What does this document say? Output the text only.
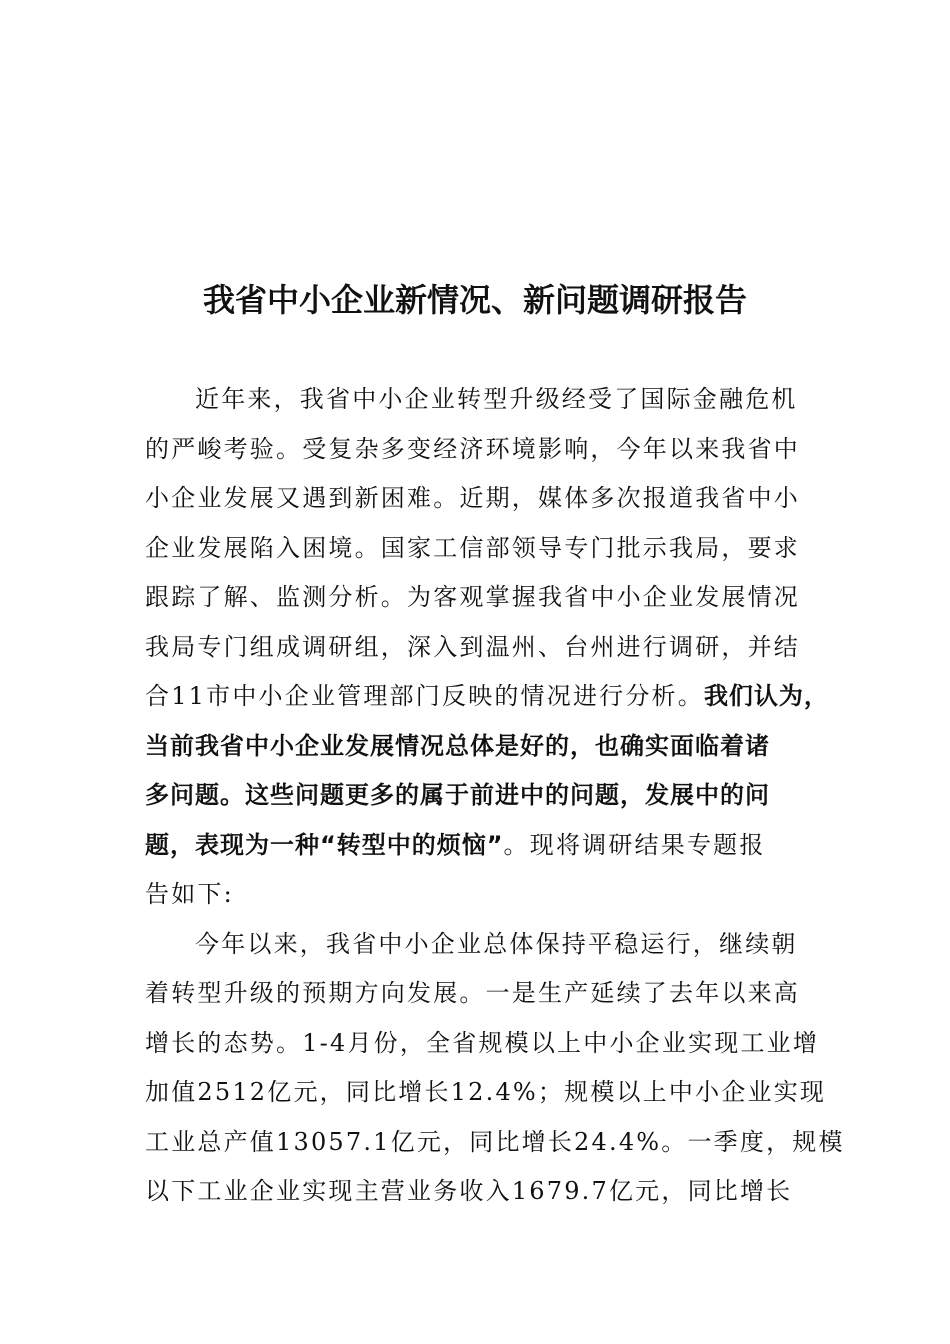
我省中小企业新情况、新问题调研报告
近年来，我省中小企业转型升级经受了国际金融危机
的严峻考验。受复杂多变经济环境影响，今年以来我省中
小企业发展又遇到新困难。近期，媒体多次报道我省中小
企业发展陷入困境。国家工信部领导专门批示我局，要求
跟踪了解、监测分析。为客观掌握我省中小企业发展情况
我局专门组成调研组，深入到温州、台州进行调研，并结
合11市中小企业管理部门反映的情况进行分析。我们认为，
当前我省中小企业发展情况总体是好的，也确实面临着诸
多问题。这些问题更多的属于前进中的问题，发展中的问
题，表现为一种“转型中的烦恼”。现将调研结果专题报
告如下:
今年以来，我省中小企业总体保持平稳运行，继续朝
着转型升级的预期方向发展。一是生产延续了去年以来高
增长的态势。1-4月份，全省规模以上中小企业实现工业增
加值2512亿元，同比增长12.4%；规模以上中小企业实现
工业总产值13057.1亿元，同比增长24.4%。一季度，规模
以下工业企业实现主营业务收入1679.7亿元，同比增长
